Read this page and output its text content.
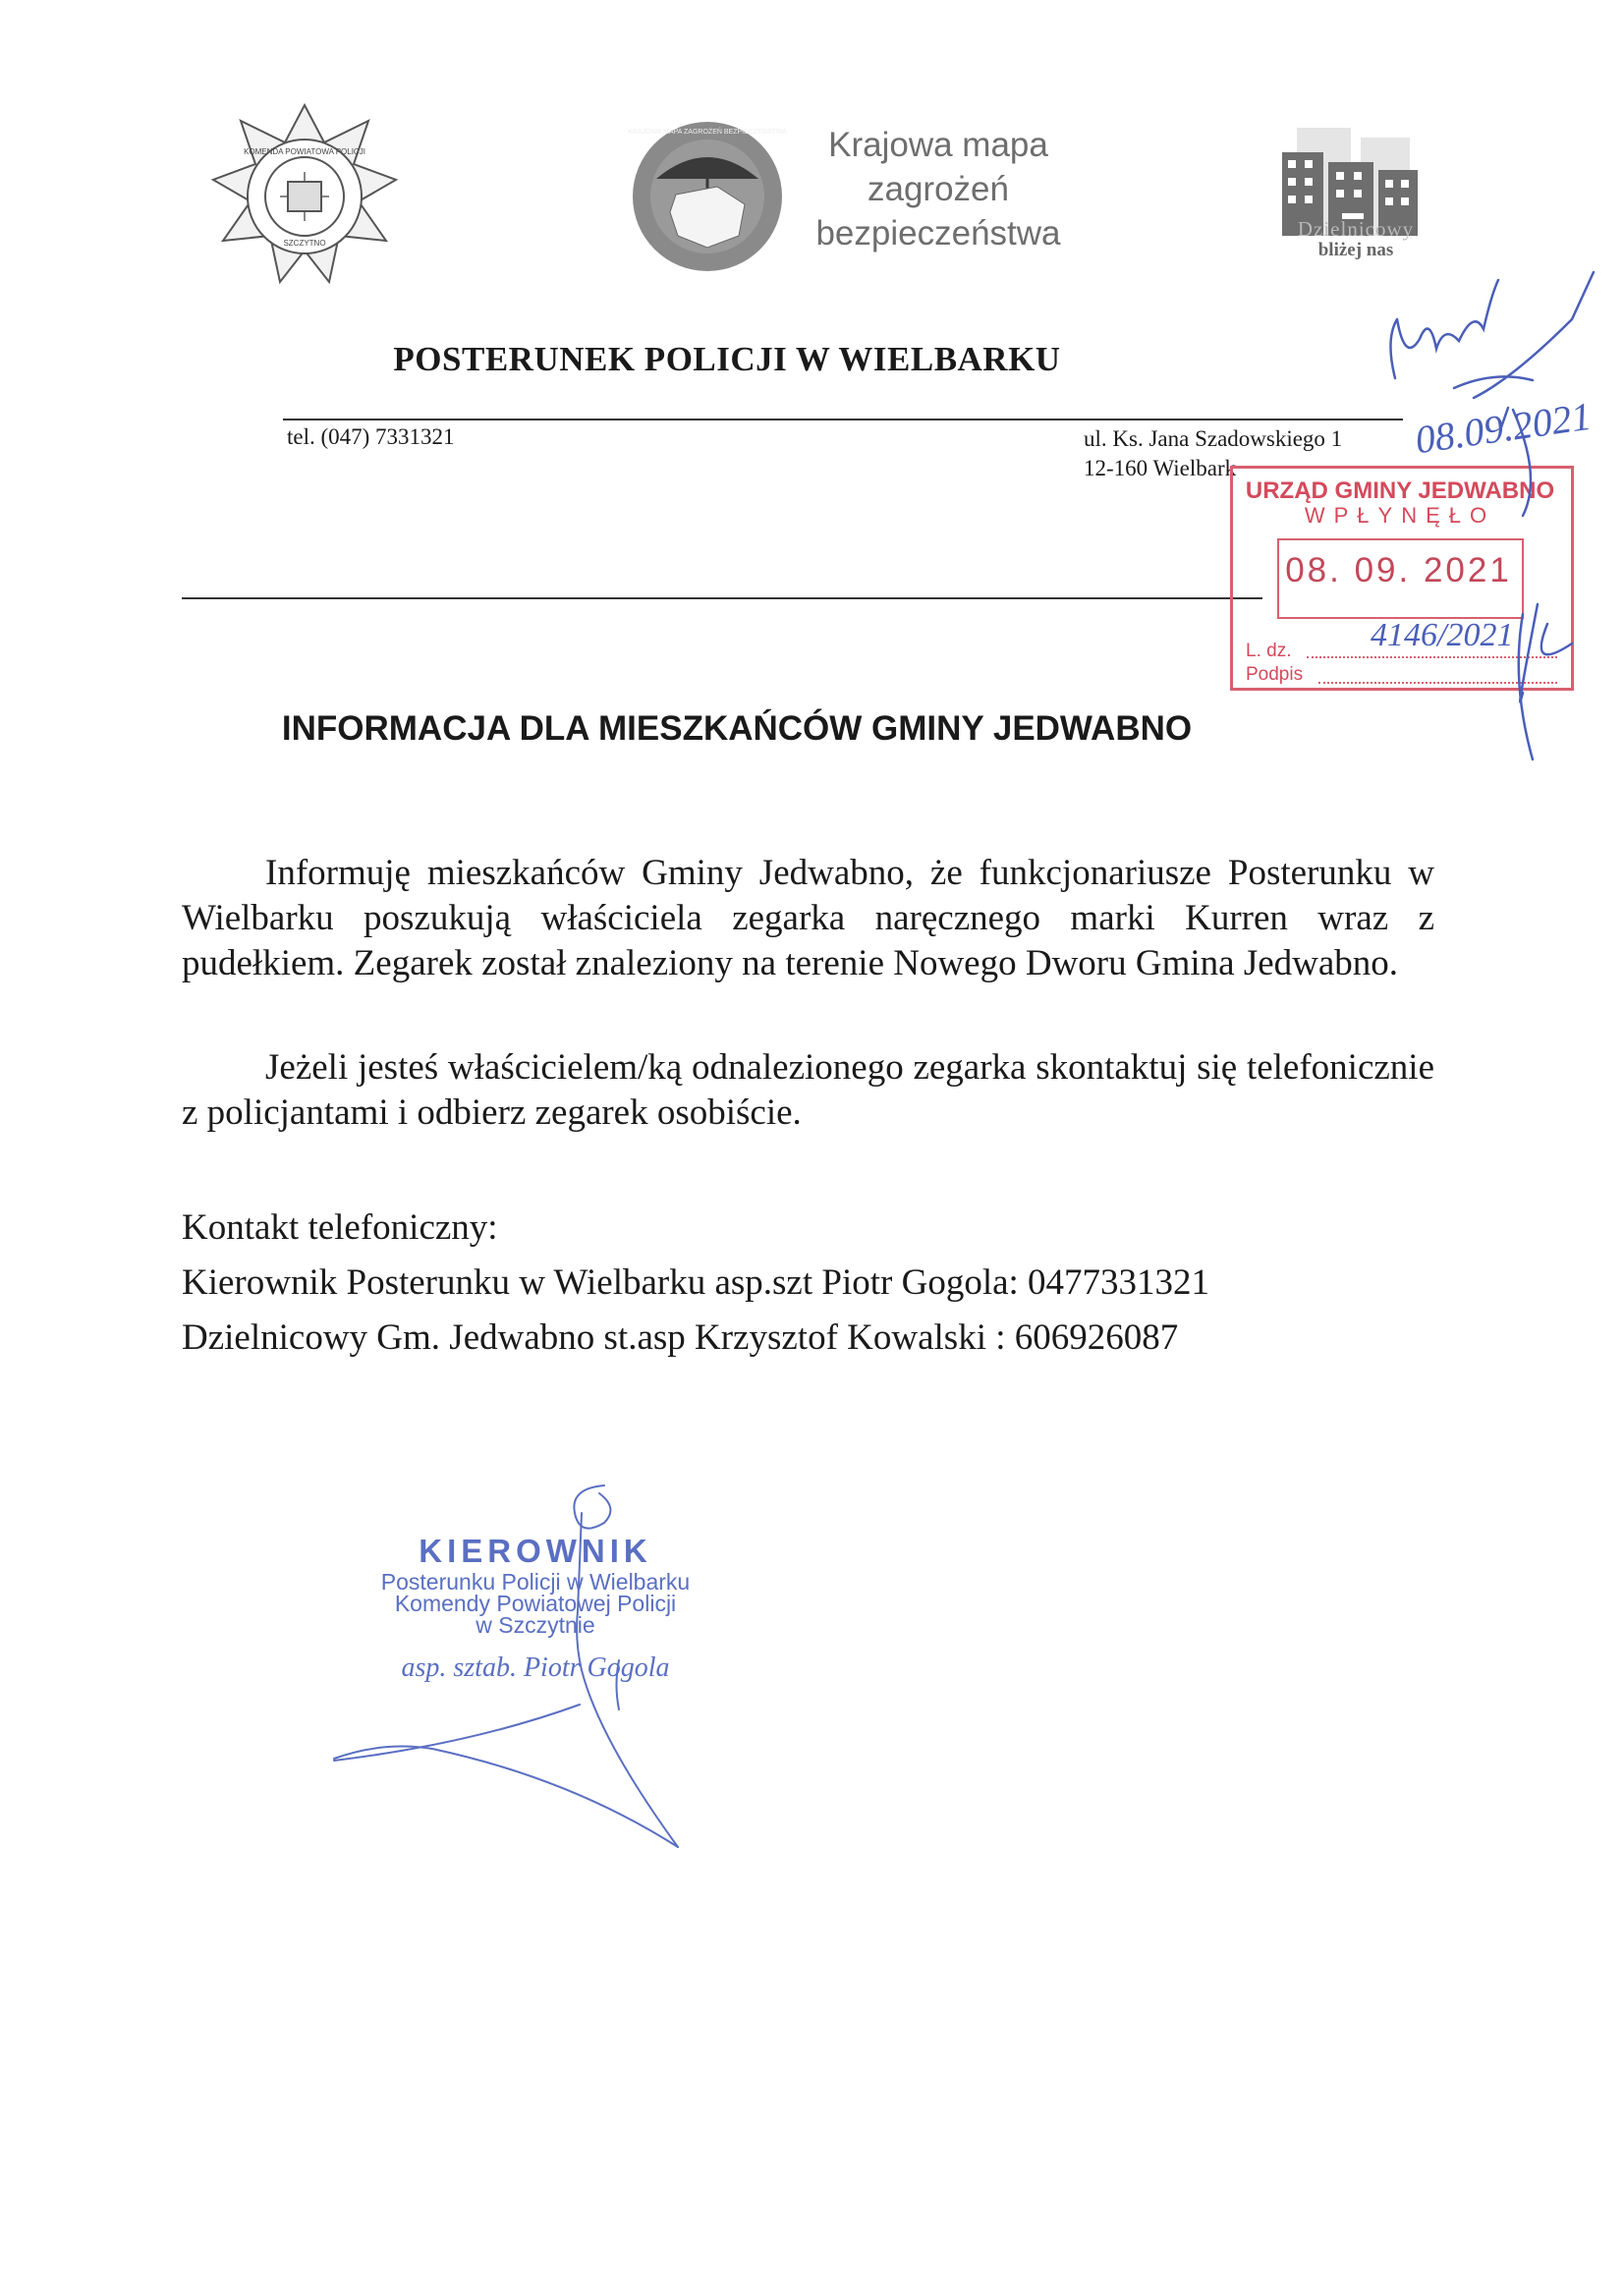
KOMENDA POWIATOWA POLICJI
SZCZYTNO
KRAJOWA MAPA ZAGROŻEŃ BEZPIECZEŃSTWA	Krajowa mapa
zagrożeń
bezpieczeństwa	Dzielnicowy
bliżej nas
POSTERUNEK POLICJI W WIELBARKU
tel. (047) 7331321	ul. Ks. Jana Szadowskiego 1
12-160 Wielbark
URZĄD GMINY JEDWABNO
WPŁYNĘŁO
08. 09. 2021
L. dz.
Podpis
4146/2021
08.09.2021
INFORMACJA DLA MIESZKAŃCÓW GMINY JEDWABNO
Informuję mieszkańców Gminy Jedwabno, że funkcjonariusze Posterunku w Wielbarku poszukują właściciela zegarka naręcznego marki Kurren wraz z pudełkiem. Zegarek został znaleziony na terenie Nowego Dworu Gmina Jedwabno.
Jeżeli jesteś właścicielem/ką odnalezionego zegarka skontaktuj się telefonicznie z policjantami i odbierz zegarek osobiście.
Kontakt telefoniczny:
Kierownik Posterunku w Wielbarku asp.szt Piotr Gogola: 0477331321
Dzielnicowy Gm. Jedwabno st.asp Krzysztof Kowalski : 606926087
KIEROWNIK
Posterunku Policji w Wielbarku
Komendy Powiatowej Policji
w Szczytnie
asp. sztab. Piotr Gogola
